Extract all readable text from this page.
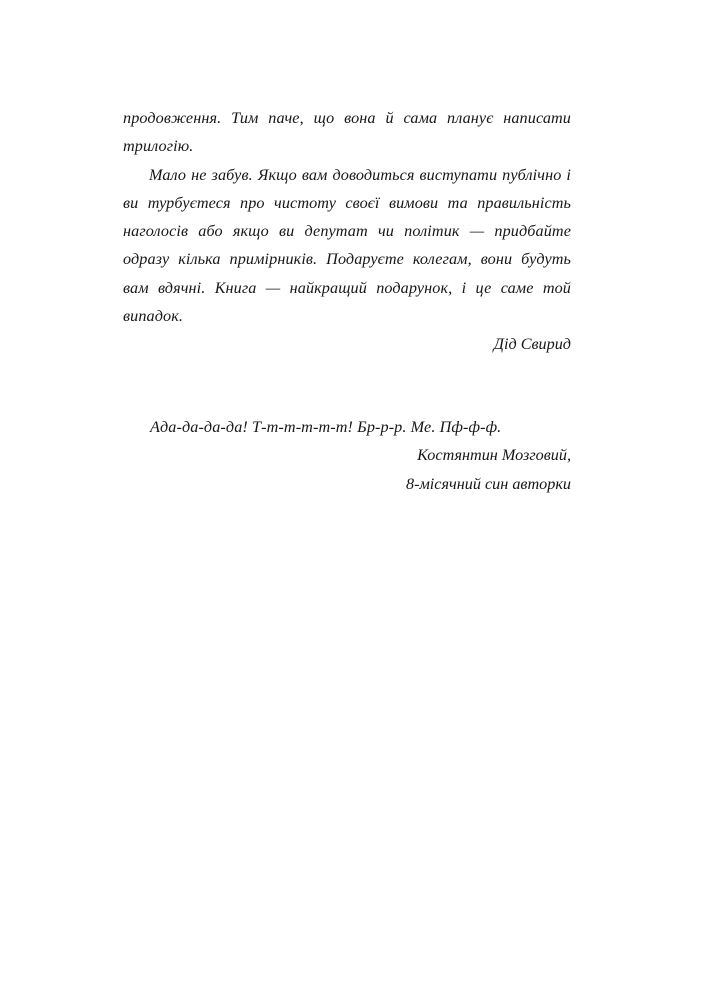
продовження. Тим паче, що вона й сама планує написати трилогію.

Мало не забув. Якщо вам доводиться виступати публічно і ви турбуєтеся про чистоту своєї вимови та правильність наголосів або якщо ви депутат чи політик — придбайте одразу кілька примірників. Подаруєте колегам, вони будуть вам вдячні. Книга — найкращий подарунок, і це саме той випадок.

Дід Свирид

Ада-да-да-да! Т-т-т-т-т-т! Бр-р-р. Ме. Пф-ф-ф.

Костянтин Мозговий,

8-місячний син авторки
